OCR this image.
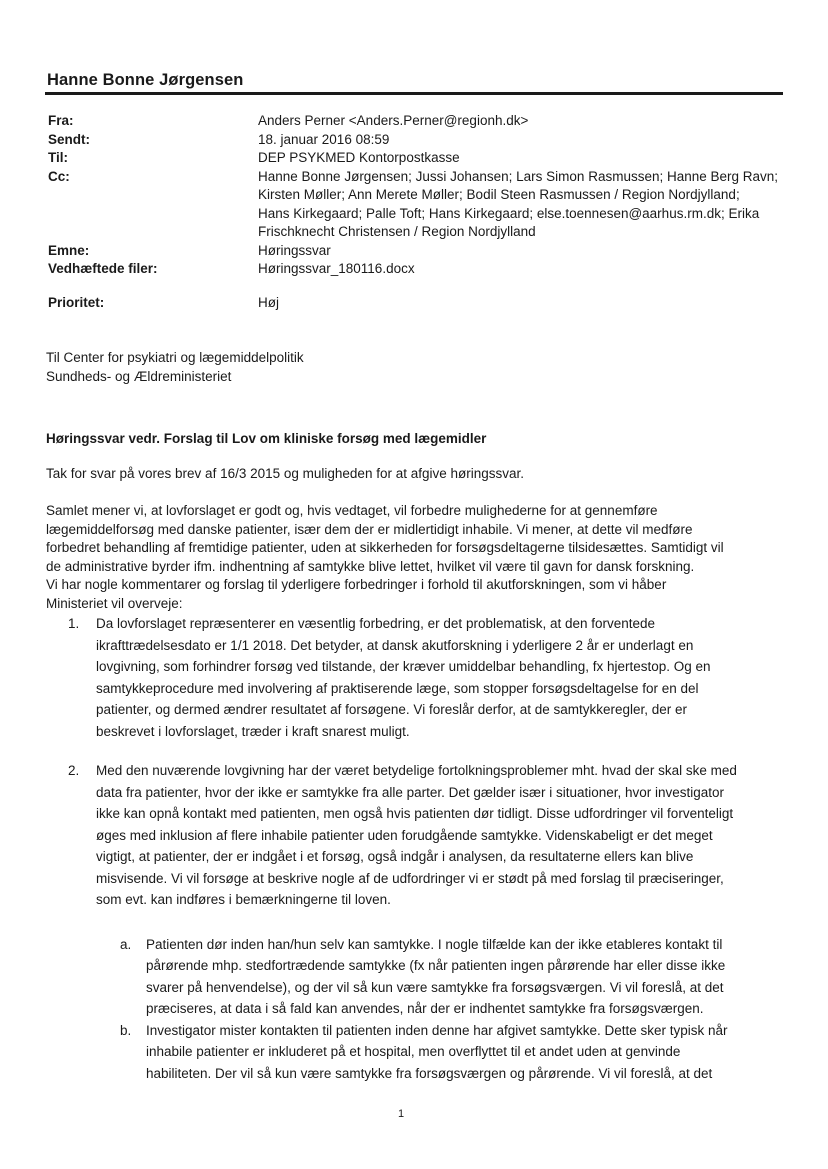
Hanne Bonne Jørgensen
Fra:	Anders Perner <Anders.Perner@regionh.dk>
Sendt:	18. januar 2016 08:59
Til:	DEP PSYKMED Kontorpostkasse
Cc:	Hanne Bonne Jørgensen; Jussi Johansen; Lars Simon Rasmussen; Hanne Berg Ravn;
Kirsten Møller; Ann Merete Møller; Bodil Steen Rasmussen / Region Nordjylland;
Hans Kirkegaard; Palle Toft; Hans Kirkegaard; else.toennesen@aarhus.rm.dk; Erika
Frischknecht Christensen / Region Nordjylland
Emne:	Høringssvar
Vedhæftede filer:	Høringssvar_180116.docx
Prioritet:	Høj

Til Center for psykiatri og lægemiddelpolitik

Sundheds- og Ældreministeriet

Høringssvar vedr. Forslag til Lov om kliniske forsøg med lægemidler

Tak for svar på vores brev af 16/3 2015 og muligheden for at afgive høringssvar.

Samlet mener vi, at lovforslaget er godt og, hvis vedtaget, vil forbedre mulighederne for at gennemføre
lægemiddelforsøg med danske patienter, især dem der er midlertidigt inhabile. Vi mener, at dette vil medføre
forbedret behandling af fremtidige patienter, uden at sikkerheden for forsøgsdeltagerne tilsidesættes. Samtidigt vil
de administrative byrder ifm. indhentning af samtykke blive lettet, hvilket vil være til gavn for dansk forskning.
Vi har nogle kommentarer og forslag til yderligere forbedringer i forhold til akutforskningen, som vi håber
Ministeriet vil overveje:
1. Da lovforslaget repræsenterer en væsentlig forbedring, er det problematisk, at den forventede
ikrafttrædelsesdato er 1/1 2018. Det betyder, at dansk akutforskning i yderligere 2 år er underlagt en
lovgivning, som forhindrer forsøg ved tilstande, der kræver umiddelbar behandling, fx hjertestop. Og en
samtykkeprocedure med involvering af praktiserende læge, som stopper forsøgsdeltagelse for en del
patienter, og dermed ændrer resultatet af forsøgene. Vi foreslår derfor, at de samtykkeregler, der er
beskrevet i lovforslaget, træder i kraft snarest muligt.
2. Med den nuværende lovgivning har der været betydelige fortolkningsproblemer mht. hvad der skal ske med
data fra patienter, hvor der ikke er samtykke fra alle parter. Det gælder især i situationer, hvor investigator
ikke kan opnå kontakt med patienten, men også hvis patienten dør tidligt. Disse udfordringer vil forventeligt
øges med inklusion af flere inhabile patienter uden forudgående samtykke. Videnskabeligt er det meget
vigtigt, at patienter, der er indgået i et forsøg, også indgår i analysen, da resultaterne ellers kan blive
misvisende. Vi vil forsøge at beskrive nogle af de udfordringer vi er stødt på med forslag til præciseringer,
som evt. kan indføres i bemærkningerne til loven.
a. Patienten dør inden han/hun selv kan samtykke. I nogle tilfælde kan der ikke etableres kontakt til
pårørende mhp. stedfortrædende samtykke (fx når patienten ingen pårørende har eller disse ikke
svarer på henvendelse), og der vil så kun være samtykke fra forsøgsværgen. Vi vil foreslå, at det
præciseres, at data i så fald kan anvendes, når der er indhentet samtykke fra forsøgsværgen.
b. Investigator mister kontakten til patienten inden denne har afgivet samtykke. Dette sker typisk når
inhabile patienter er inkluderet på et hospital, men overflyttet til et andet uden at genvinde
habiliteten. Der vil så kun være samtykke fra forsøgsværgen og pårørende. Vi vil foreslå, at det
1
